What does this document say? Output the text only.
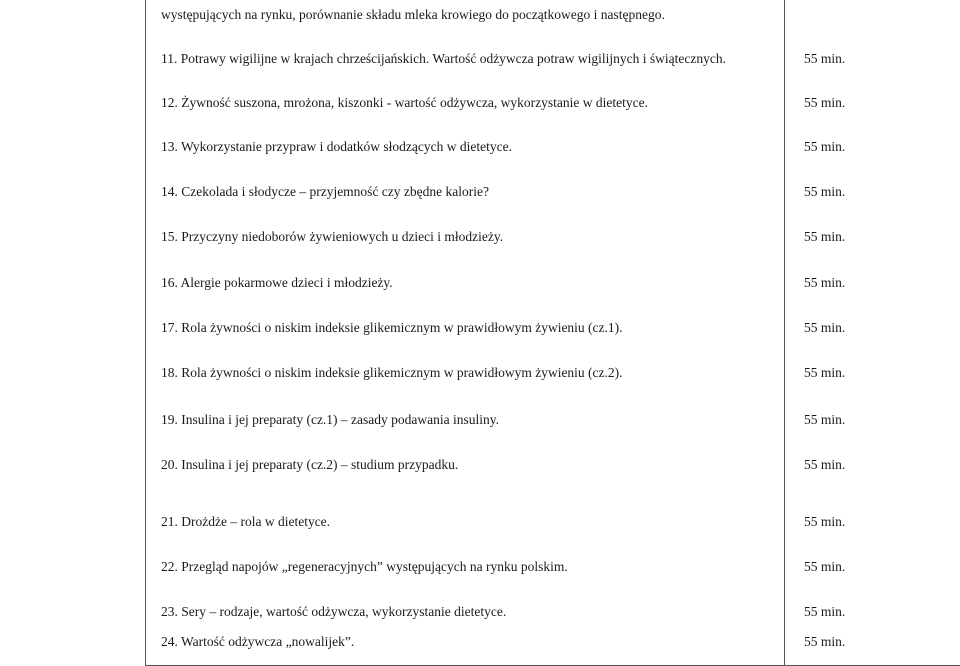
występujących na rynku, porównanie składu mleka krowiego do początkowego i następnego.
11. Potrawy wigilijne w krajach chrześcijańskich. Wartość odżywcza potraw wigilijnych i świątecznych.	55 min.
12. Żywność suszona, mrożona, kiszonki - wartość odżywcza, wykorzystanie w dietetyce.	55 min.
13. Wykorzystanie przypraw i dodatków słodzących w dietetyce.	55 min.
14. Czekolada i słodycze – przyjemność czy zbędne kalorie?	55 min.
15. Przyczyny niedoborów żywieniowych u dzieci i młodzieży.	55 min.
16. Alergie pokarmowe dzieci i młodzieży.	55 min.
17. Rola żywności o niskim indeksie glikemicznym w prawidłowym żywieniu (cz.1).	55 min.
18. Rola żywności o niskim indeksie glikemicznym w prawidłowym żywieniu (cz.2).	55 min.
19. Insulina i jej preparaty (cz.1) – zasady podawania insuliny.	55 min.
20. Insulina i jej preparaty (cz.2) – studium przypadku.	55 min.
21. Drożdże – rola w dietetyce.	55 min.
22. Przegląd napojów „regeneracyjnych” występujących na rynku polskim.	55 min.
23. Sery – rodzaje, wartość odżywcza, wykorzystanie dietetyce.	55 min.
24. Wartość odżywcza „nowalijek”.	55 min.
